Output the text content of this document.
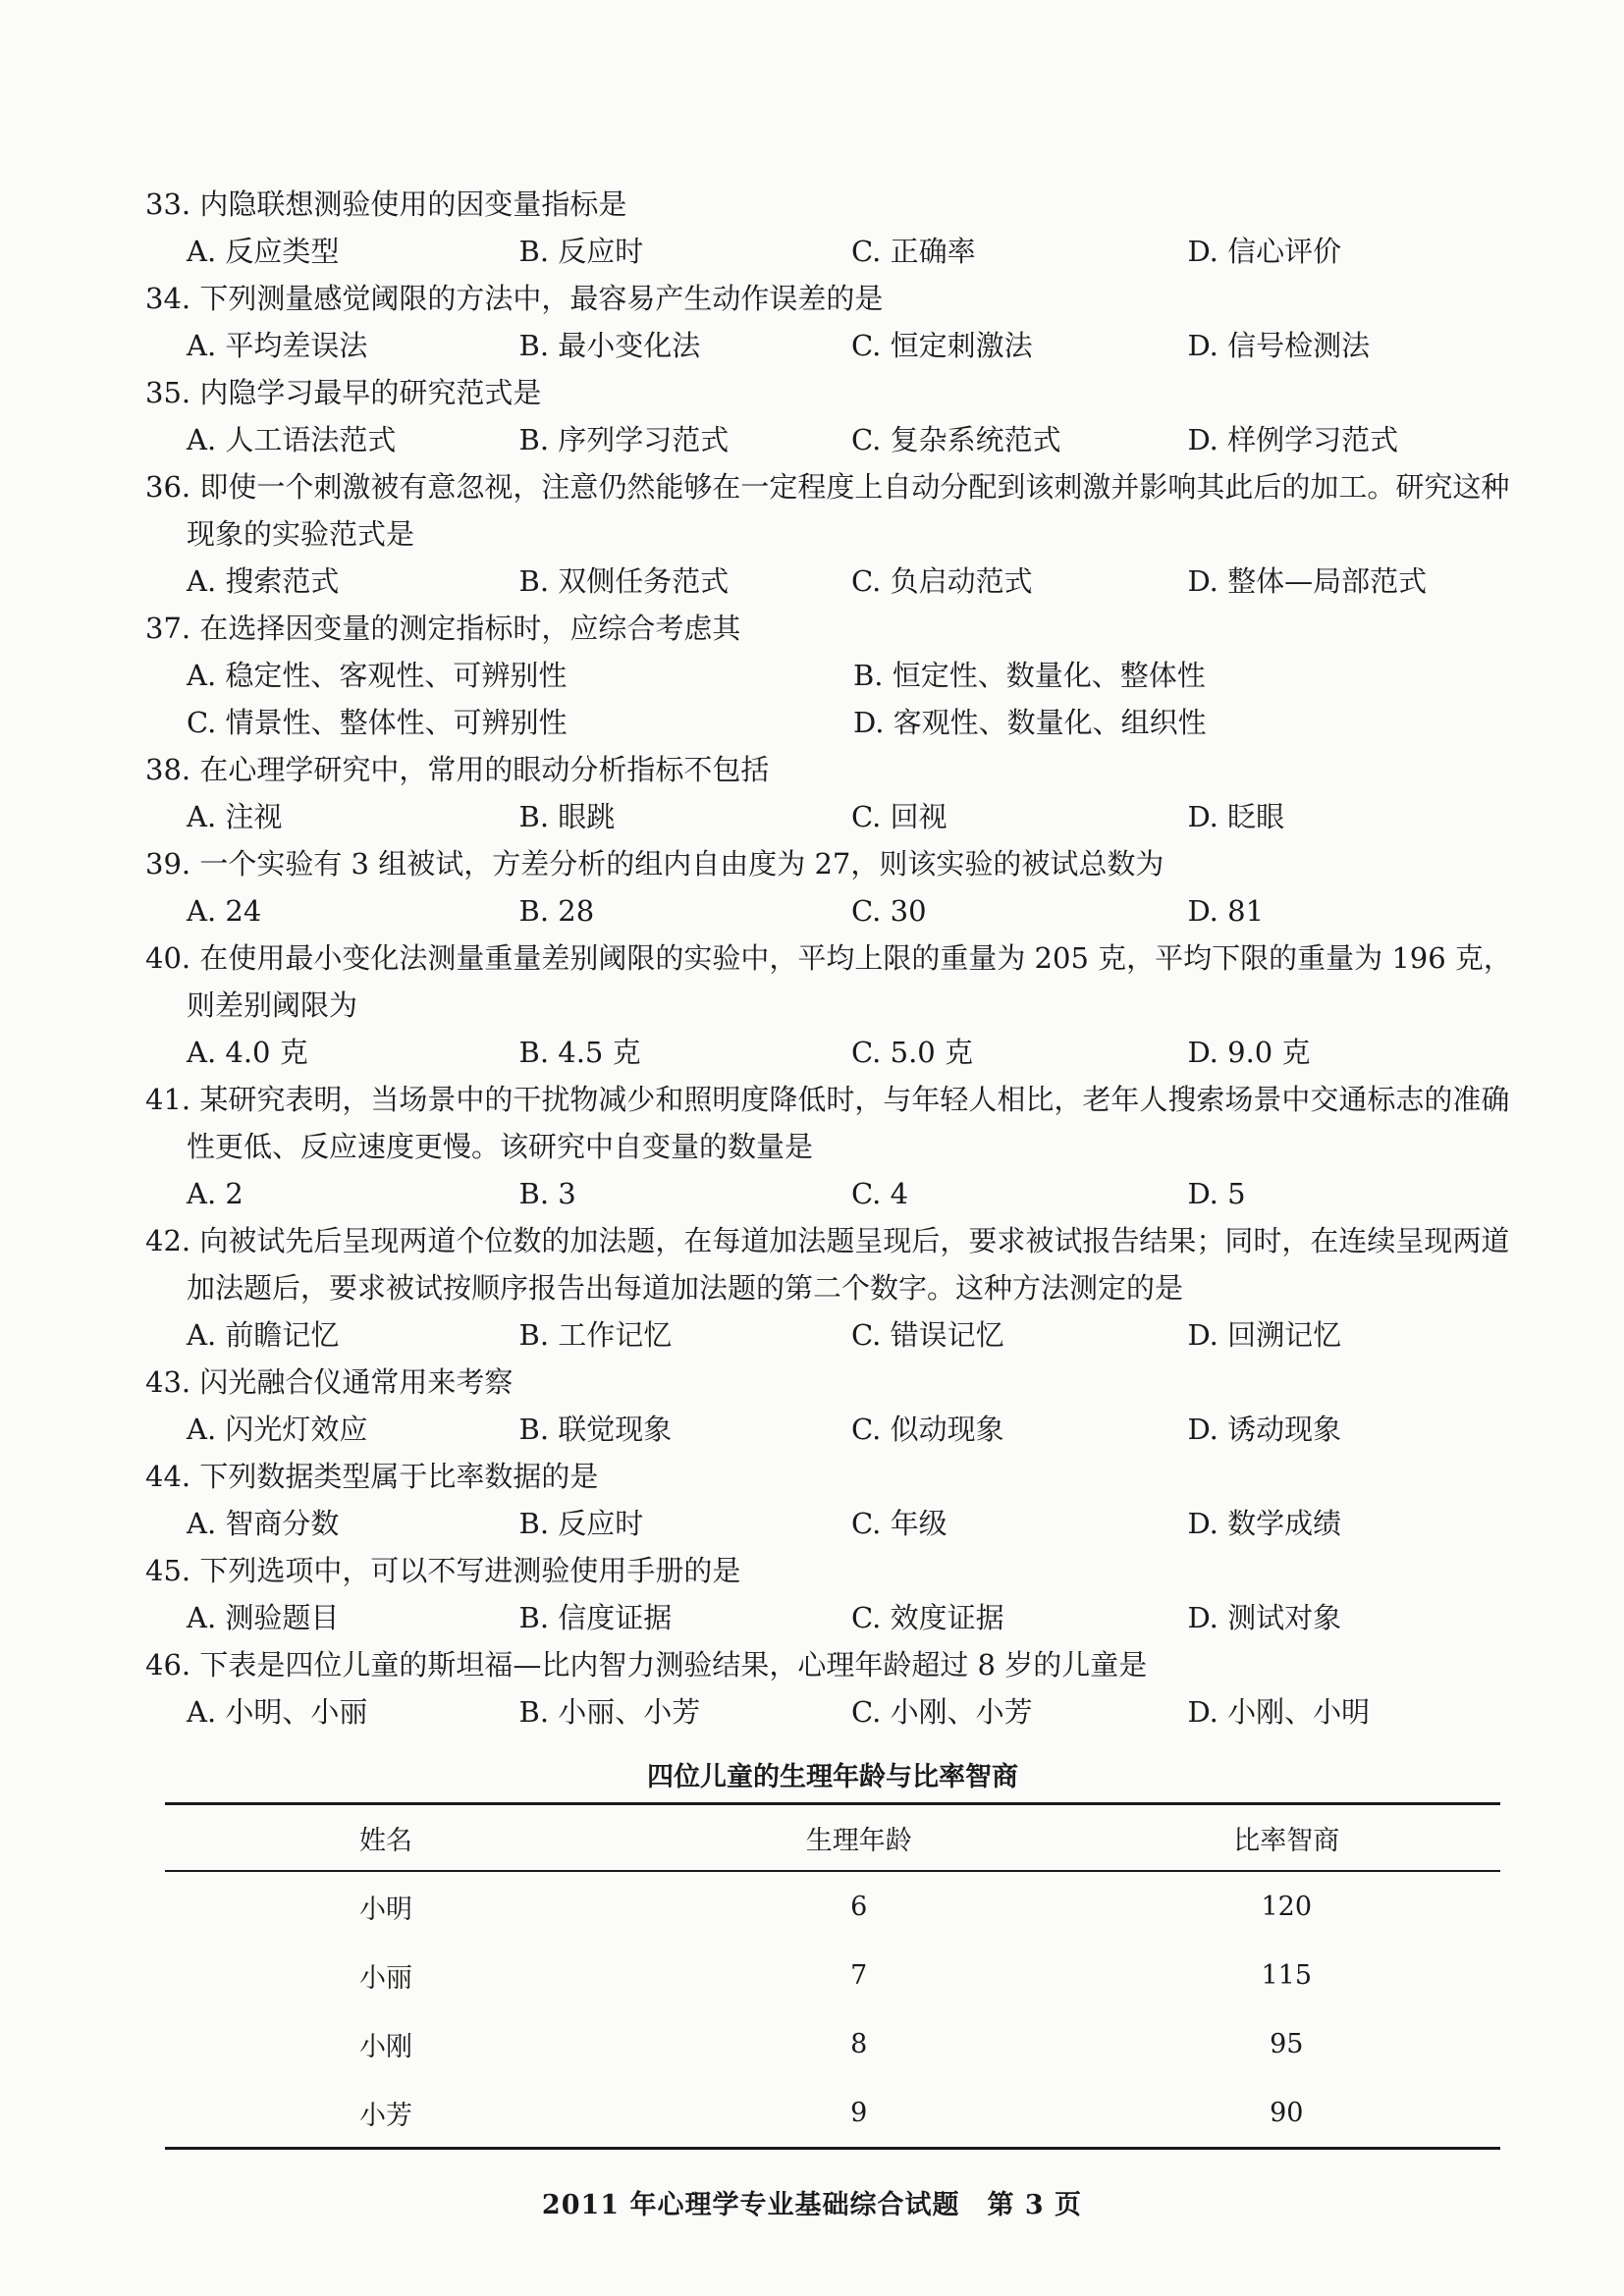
33. 内隐联想测验使用的因变量指标是
A. 反应类型	B. 反应时	C. 正确率	D. 信心评价
34. 下列测量感觉阈限的方法中，最容易产生动作误差的是
A. 平均差误法	B. 最小变化法	C. 恒定刺激法	D. 信号检测法
35. 内隐学习最早的研究范式是
A. 人工语法范式	B. 序列学习范式	C. 复杂系统范式	D. 样例学习范式
36. 即使一个刺激被有意忽视，注意仍然能够在一定程度上自动分配到该刺激并影响其此后的加工。研究这种现象的实验范式是
A. 搜索范式	B. 双侧任务范式	C. 负启动范式	D. 整体—局部范式
37. 在选择因变量的测定指标时，应综合考虑其
A. 稳定性、客观性、可辨别性	B. 恒定性、数量化、整体性
C. 情景性、整体性、可辨别性	D. 客观性、数量化、组织性
38. 在心理学研究中，常用的眼动分析指标不包括
A. 注视	B. 眼跳	C. 回视	D. 眨眼
39. 一个实验有 3 组被试，方差分析的组内自由度为 27，则该实验的被试总数为
A. 24	B. 28	C. 30	D. 81
40. 在使用最小变化法测量重量差别阈限的实验中，平均上限的重量为 205 克，平均下限的重量为 196 克，则差别阈限为
A. 4.0 克	B. 4.5 克	C. 5.0 克	D. 9.0 克
41. 某研究表明，当场景中的干扰物减少和照明度降低时，与年轻人相比，老年人搜索场景中交通标志的准确性更低、反应速度更慢。该研究中自变量的数量是
A. 2	B. 3	C. 4	D. 5
42. 向被试先后呈现两道个位数的加法题，在每道加法题呈现后，要求被试报告结果；同时，在连续呈现两道加法题后，要求被试按顺序报告出每道加法题的第二个数字。这种方法测定的是
A. 前瞻记忆	B. 工作记忆	C. 错误记忆	D. 回溯记忆
43. 闪光融合仪通常用来考察
A. 闪光灯效应	B. 联觉现象	C. 似动现象	D. 诱动现象
44. 下列数据类型属于比率数据的是
A. 智商分数	B. 反应时	C. 年级	D. 数学成绩
45. 下列选项中，可以不写进测验使用手册的是
A. 测验题目	B. 信度证据	C. 效度证据	D. 测试对象
46. 下表是四位儿童的斯坦福—比内智力测验结果，心理年龄超过 8 岁的儿童是
A. 小明、小丽	B. 小丽、小芳	C. 小刚、小芳	D. 小刚、小明
四位儿童的生理年龄与比率智商
姓名	生理年龄	比率智商
小明	6	120
小丽	7	115
小刚	8	95
小芳	9	90
2011 年心理学专业基础综合试题　第 3 页
